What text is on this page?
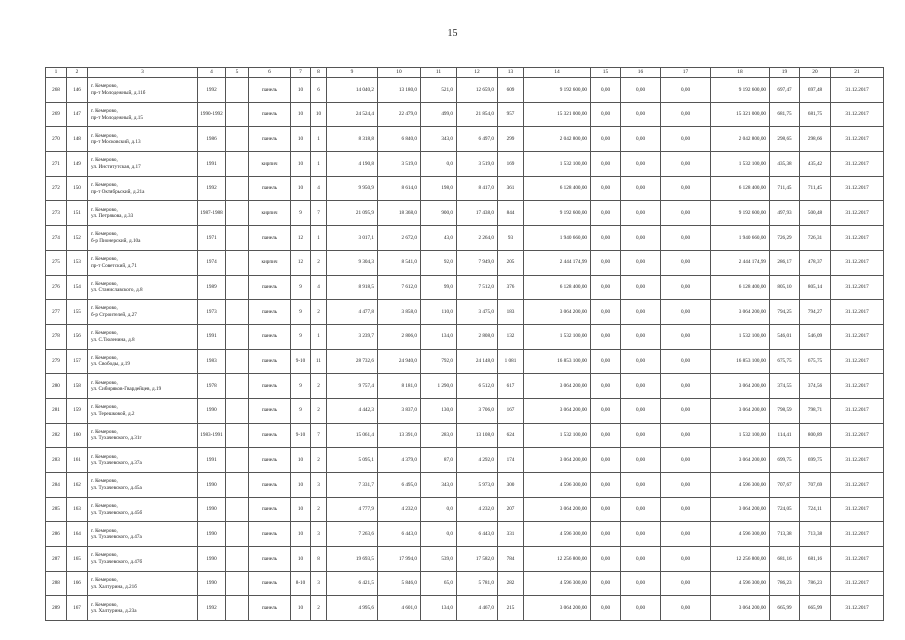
15
1	2	3	4	5	6	7	8	9	10	11	12	13	14	15	16	17	18	19	20	21
268	146	г. Кемерово,
пр-т Молодежный, д.11б	1992		панель	10	6	14 040,2	13 180,0	521,0	12 659,0	609	9 192 600,00	0,00	0,00	0,00	9 192 600,00	697,47	697,48	31.12.2017
269	147	г. Кемерово,
пр-т Молодежный, д.15	1990-1992		панель	10	10	24 524,4	22 479,0	499,0	21 854,0	957	15 321 000,00	0,00	0,00	0,00	15 321 000,00	681,75	681,75	31.12.2017
270	148	г. Кемерово,
пр-т Московский, д.13	1986		панель	10	1	8 318,8	6 840,0	343,0	6 497,0	299	2 042 800,00	0,00	0,00	0,00	2 042 800,00	298,65	298,66	31.12.2017
271	149	г. Кемерово,
ул. Институтская, д.17	1991		кирпич	10	1	4 190,8	3 519,0	0,0	3 519,0	169	1 532 100,00	0,00	0,00	0,00	1 532 100,00	435,38	435,42	31.12.2017
272	150	г. Кемерово,
пр-т Октябрьский, д.21а	1992		панель	10	4	9 950,9	8 614,0	198,0	8 417,0	361	6 128 400,00	0,00	0,00	0,00	6 128 400,00	711,45	711,45	31.12.2017
273	151	г. Кемерово,
ул. Петрякова, д.33	1987-1988		кирпич	9	7	21 095,9	18 368,0	900,0	17 438,0	844	9 192 600,00	0,00	0,00	0,00	9 192 600,00	497,93	500,48	31.12.2017
274	152	г. Кемерово,
б-р Пионерский, д.10а	1971		панель	12	1	3 017,1	2 672,0	43,0	2 264,0	93	1 940 660,00	0,00	0,00	0,00	1 940 660,00	726,29	726,31	31.12.2017
275	153	г. Кемерово,
пр-т Советский, д.71	1974		кирпич	12	2	9 304,3	8 541,0	92,0	7 949,0	205	2 444 174,99	0,00	0,00	0,00	2 444 174,99	286,17	478,37	31.12.2017
276	154	г. Кемерово,
ул. Станиславского, д.8	1989		панель	9	4	8 918,5	7 612,0	99,0	7 512,0	376	6 128 400,00	0,00	0,00	0,00	6 128 400,00	805,10	805,14	31.12.2017
277	155	г. Кемерово,
б-р Строителей, д.27	1973		панель	9	2	4 477,8	3 858,0	110,0	3 475,0	183	3 064 200,00	0,00	0,00	0,00	3 064 200,00	794,25	794,27	31.12.2017
278	156	г. Кемерово,
ул. С.Тюленина, д.8	1991		панель	9	1	3 239,7	2 806,0	134,0	2 808,0	132	1 532 100,00	0,00	0,00	0,00	1 532 100,00	546,01	546,09	31.12.2017
279	157	г. Кемерово,
ул. Свободы, д.19	1983		панель	9-10	11	28 732,6	24 940,0	792,0	24 148,0	1 081	16 853 100,00	0,00	0,00	0,00	16 853 100,00	675,75	675,75	31.12.2017
280	158	г. Кемерово,
ул. Сибиряков-Гвардейцев, д.19	1978		панель	9	2	9 757,4	8 181,0	1 290,0	6 512,0	617	3 064 200,00	0,00	0,00	0,00	3 064 200,00	374,55	374,56	31.12.2017
281	159	г. Кемерово,
ул. Терешковой, д.2	1990		панель	9	2	4 442,3	3 837,0	130,0	3 706,0	167	3 064 200,00	0,00	0,00	0,00	3 064 200,00	798,59	798,71	31.12.2017
282	160	г. Кемерово,
ул. Тухачевского, д.31г	1983-1991		панель	9-10	7	15 061,4	13 391,0	283,0	13 108,0	624	1 532 100,00	0,00	0,00	0,00	1 532 100,00	114,41	800,89	31.12.2017
283	161	г. Кемерово,
ул. Тухачевского, д.37а	1991		панель	10	2	5 095,1	4 379,0	87,0	4 292,0	174	3 064 200,00	0,00	0,00	0,00	3 064 200,00	699,75	699,75	31.12.2017
284	162	г. Кемерово,
ул. Тухачевского, д.45а	1990		панель	10	3	7 331,7	6 495,0	343,0	5 973,0	300	4 596 300,00	0,00	0,00	0,00	4 596 300,00	707,67	707,69	31.12.2017
285	163	г. Кемерово,
ул. Тухачевского, д.45б	1990		панель	10	2	4 777,9	4 232,0	0,0	4 232,0	207	3 064 200,00	0,00	0,00	0,00	3 064 200,00	724,05	724,11	31.12.2017
286	164	г. Кемерово,
ул. Тухачевского, д.47а	1990		панель	10	3	7 263,6	6 443,0	0,0	6 443,0	331	4 596 300,00	0,00	0,00	0,00	4 596 300,00	713,38	713,38	31.12.2017
287	165	г. Кемерово,
ул. Тухачевского, д.47б	1990		панель	10	8	19 693,5	17 994,0	539,0	17 582,0	784	12 256 800,00	0,00	0,00	0,00	12 256 800,00	681,16	681,16	31.12.2017
288	166	г. Кемерово,
ул. Халтурина, д.21б	1990		панель	8-10	3	6 421,5	5 846,0	65,0	5 781,0	282	4 596 300,00	0,00	0,00	0,00	4 596 300,00	786,23	786,23	31.12.2017
289	167	г. Кемерово,
ул. Халтурина, д.23а	1992		панель	10	2	4 995,6	4 601,0	134,0	4 467,0	215	3 064 200,00	0,00	0,00	0,00	3 064 200,00	665,99	665,99	31.12.2017
